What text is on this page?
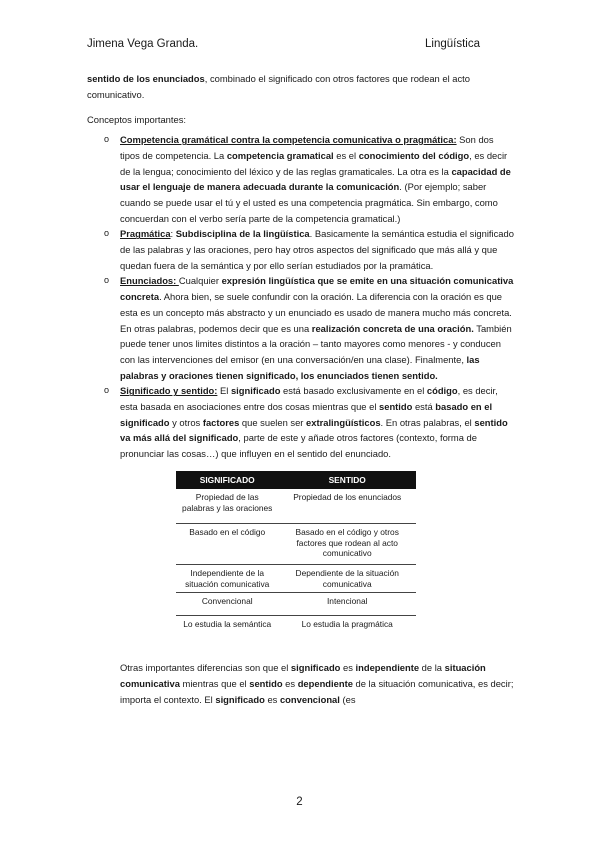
Jimena Vega Granda.	Lingüística

sentido de los enunciados, combinado el significado con otros factores que rodean el acto comunicativo.

Conceptos importantes:

o Competencia gramátical contra la competencia comunicativa o pragmática: Son dos tipos de competencia. La competencia gramatical es el conocimiento del código, es decir de la lengua; conocimiento del léxico y de las reglas gramaticales. La otra es la capacidad de usar el lenguaje de manera adecuada durante la comunicación. (Por ejemplo; saber cuando se puede usar el tú y el usted es una competencia pragmática. Sin embargo, como concuerdan con el verbo sería parte de la competencia gramatical.)
o Pragmática: Subdisciplina de la lingüística. Basicamente la semántica estudia el significado de las palabras y las oraciones, pero hay otros aspectos del significado que más allá y que quedan fuera de la semántica y por ello serían estudiados por la pramática.
o Enunciados: Cualquier expresión lingüística que se emite en una situación comunicativa concreta. Ahora bien, se suele confundir con la oración. La diferencia con la oración es que esta es un concepto más abstracto y un enunciado es usado de manera mucho más concreta. En otras palabras, podemos decir que es una realización concreta de una oración. También puede tener unos limites distintos a la oración – tanto mayores como menores - y conducen con las intervenciones del emisor (en una conversación/en una clase). Finalmente, las palabras y oraciones tienen significado, los enunciados tienen sentido.
o Significado y sentido: El significado está basado exclusivamente en el código, es decir, esta basada en asociaciones entre dos cosas mientras que el sentido está basado en el significado y otros factores que suelen ser extralingüísticos. En otras palabras, el sentido va más allá del significado, parte de este y añade otros factores (contexto, forma de pronunciar las cosas…) que influyen en el sentido del enunciado.
SIGNIFICADO	SENTIDO
Propiedad de las palabras y las oraciones	Propiedad de los enunciados
Basado en el código	Basado en el código y otros factores que rodean al acto comunicativo
Independiente de la situación comunicativa	Dependiente de la situación comunicativa
Convencional	Intencional
Lo estudia la semántica	Lo estudia la pragmática

Otras importantes diferencias son que el significado es independiente de la situación comunicativa mientras que el sentido es dependiente de la situación comunicativa, es decir; importa el contexto. El significado es convencional (es

2
